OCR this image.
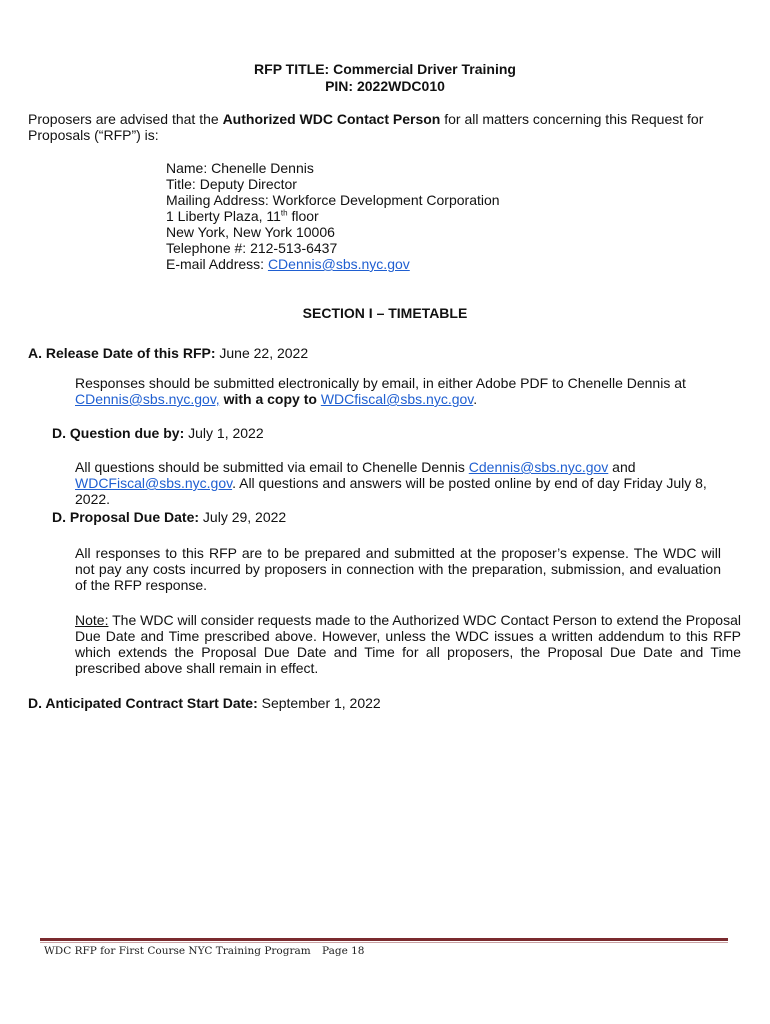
RFP TITLE: Commercial Driver Training
PIN: 2022WDC010
Proposers are advised that the Authorized WDC Contact Person for all matters concerning this Request for
Proposals (“RFP”) is:
Name: Chenelle Dennis
Title: Deputy Director
Mailing Address: Workforce Development Corporation
1 Liberty Plaza, 11th floor
New York, New York 10006
Telephone #: 212-513-6437
E-mail Address: CDennis@sbs.nyc.gov
SECTION I – TIMETABLE
A. Release Date of this RFP: June 22, 2022
Responses should be submitted electronically by email, in either Adobe PDF to Chenelle Dennis at
CDennis@sbs.nyc.gov, with a copy to WDCfiscal@sbs.nyc.gov.
D. Question due by: July 1, 2022
All questions should be submitted via email to Chenelle Dennis Cdennis@sbs.nyc.gov and
WDCFiscal@sbs.nyc.gov. All questions and answers will be posted online by end of day Friday July 8, 2022.
D. Proposal Due Date: July 29, 2022
All responses to this RFP are to be prepared and submitted at the proposer’s expense. The WDC will not pay any costs incurred by proposers in connection with the preparation, submission, and evaluation of the RFP response.
Note: The WDC will consider requests made to the Authorized WDC Contact Person to extend the Proposal Due Date and Time prescribed above. However, unless the WDC issues a written addendum to this RFP which extends the Proposal Due Date and Time for all proposers, the Proposal Due Date and Time prescribed above shall remain in effect.
D. Anticipated Contract Start Date: September 1, 2022
WDC RFP for First Course NYC Training Program Page 18
